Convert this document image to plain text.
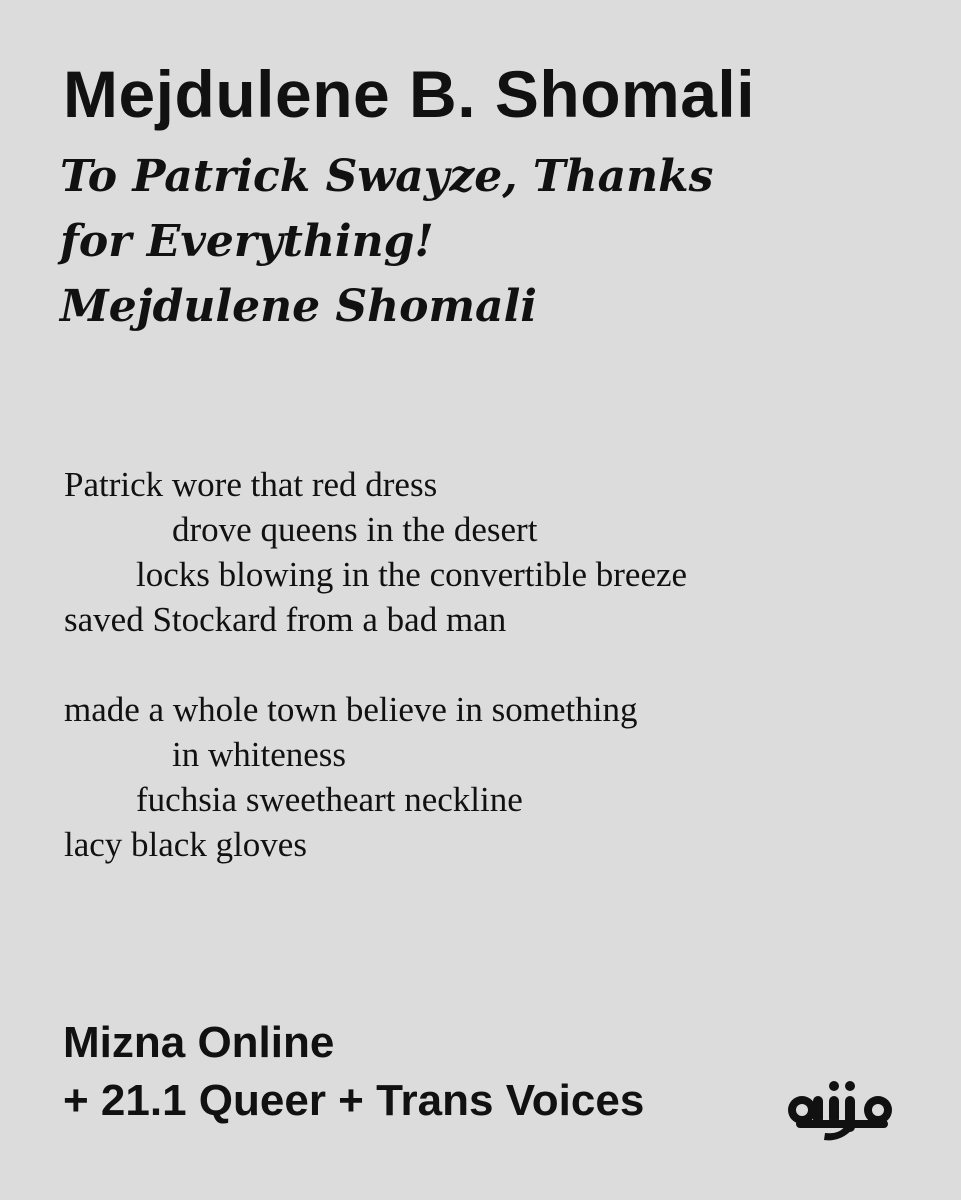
Mejdulene B. Shomali
To Patrick Swayze, Thanks
for Everything!
Mejdulene Shomali
Patrick wore that red dress
drove queens in the desert
locks blowing in the convertible breeze
saved Stockard from a bad man
made a whole town believe in something
in whiteness
fuchsia sweetheart neckline
lacy black gloves
Mizna Online
+ 21.1 Queer + Trans Voices
